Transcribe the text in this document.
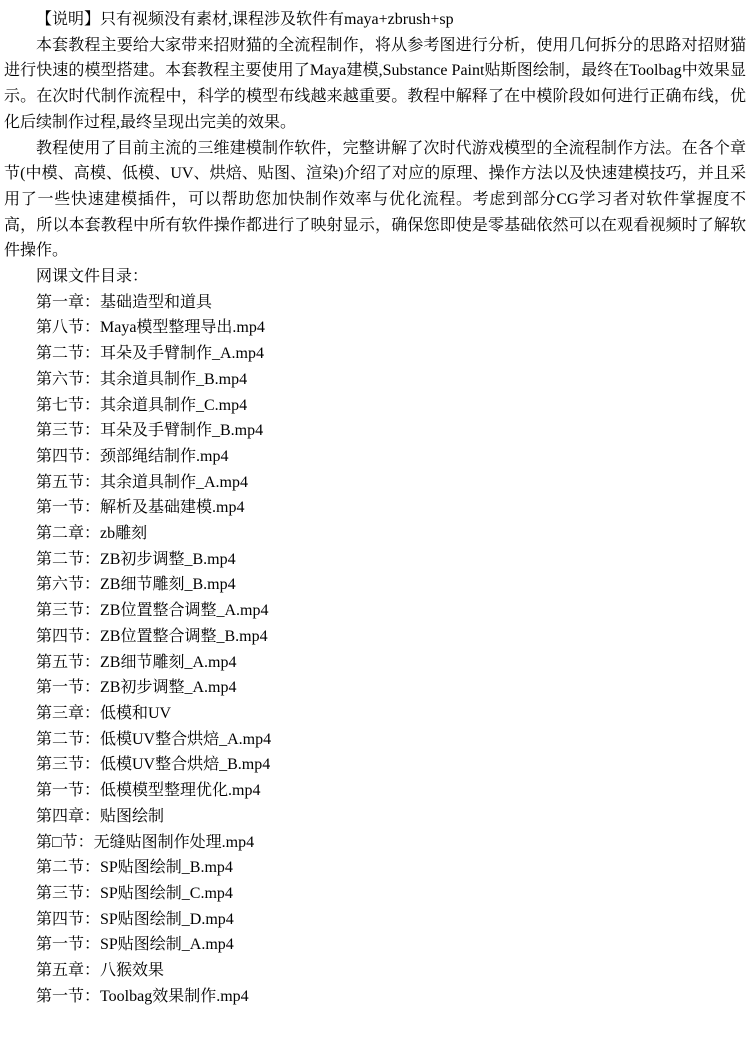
【说明】只有视频没有素材,课程涉及软件有maya+zbrush+sp

本套教程主要给大家带来招财猫的全流程制作，将从参考图进行分析，使用几何拆分的思路对招财猫进行快速的模型搭建。本套教程主要使用了Maya建模,Substance Paint贴斯图绘制，最终在Toolbag中效果显示。在次时代制作流程中，科学的模型布线越来越重要。教程中解释了在中模阶段如何进行正确布线，优化后续制作过程,最终呈现出完美的效果。

教程使用了目前主流的三维建模制作软件，完整讲解了次时代游戏模型的全流程制作方法。在各个章节(中模、高模、低模、UV、烘焙、贴图、渲染)介绍了对应的原理、操作方法以及快速建模技巧，并且采用了一些快速建模插件，可以帮助您加快制作效率与优化流程。考虑到部分CG学习者对软件掌握度不高，所以本套教程中所有软件操作都进行了映射显示，确保您即使是零基础依然可以在观看视频时了解软件操作。

网课文件目录：

第一章：基础造型和道具

第八节：Maya模型整理导出.mp4

第二节：耳朵及手臂制作_A.mp4

第六节：其余道具制作_B.mp4

第七节：其余道具制作_C.mp4

第三节：耳朵及手臂制作_B.mp4

第四节：颈部绳结制作.mp4

第五节：其余道具制作_A.mp4

第一节：解析及基础建模.mp4

第二章：zb雕刻

第二节：ZB初步调整_B.mp4

第六节：ZB细节雕刻_B.mp4

第三节：ZB位置整合调整_A.mp4

第四节：ZB位置整合调整_B.mp4

第五节：ZB细节雕刻_A.mp4

第一节：ZB初步调整_A.mp4

第三章：低模和UV

第二节：低模UV整合烘焙_A.mp4

第三节：低模UV整合烘焙_B.mp4

第一节：低模模型整理优化.mp4

第四章：贴图绘制

第□节：无缝贴图制作处理.mp4

第二节：SP贴图绘制_B.mp4

第三节：SP贴图绘制_C.mp4

第四节：SP贴图绘制_D.mp4

第一节：SP贴图绘制_A.mp4

第五章：八猴效果

第一节：Toolbag效果制作.mp4
